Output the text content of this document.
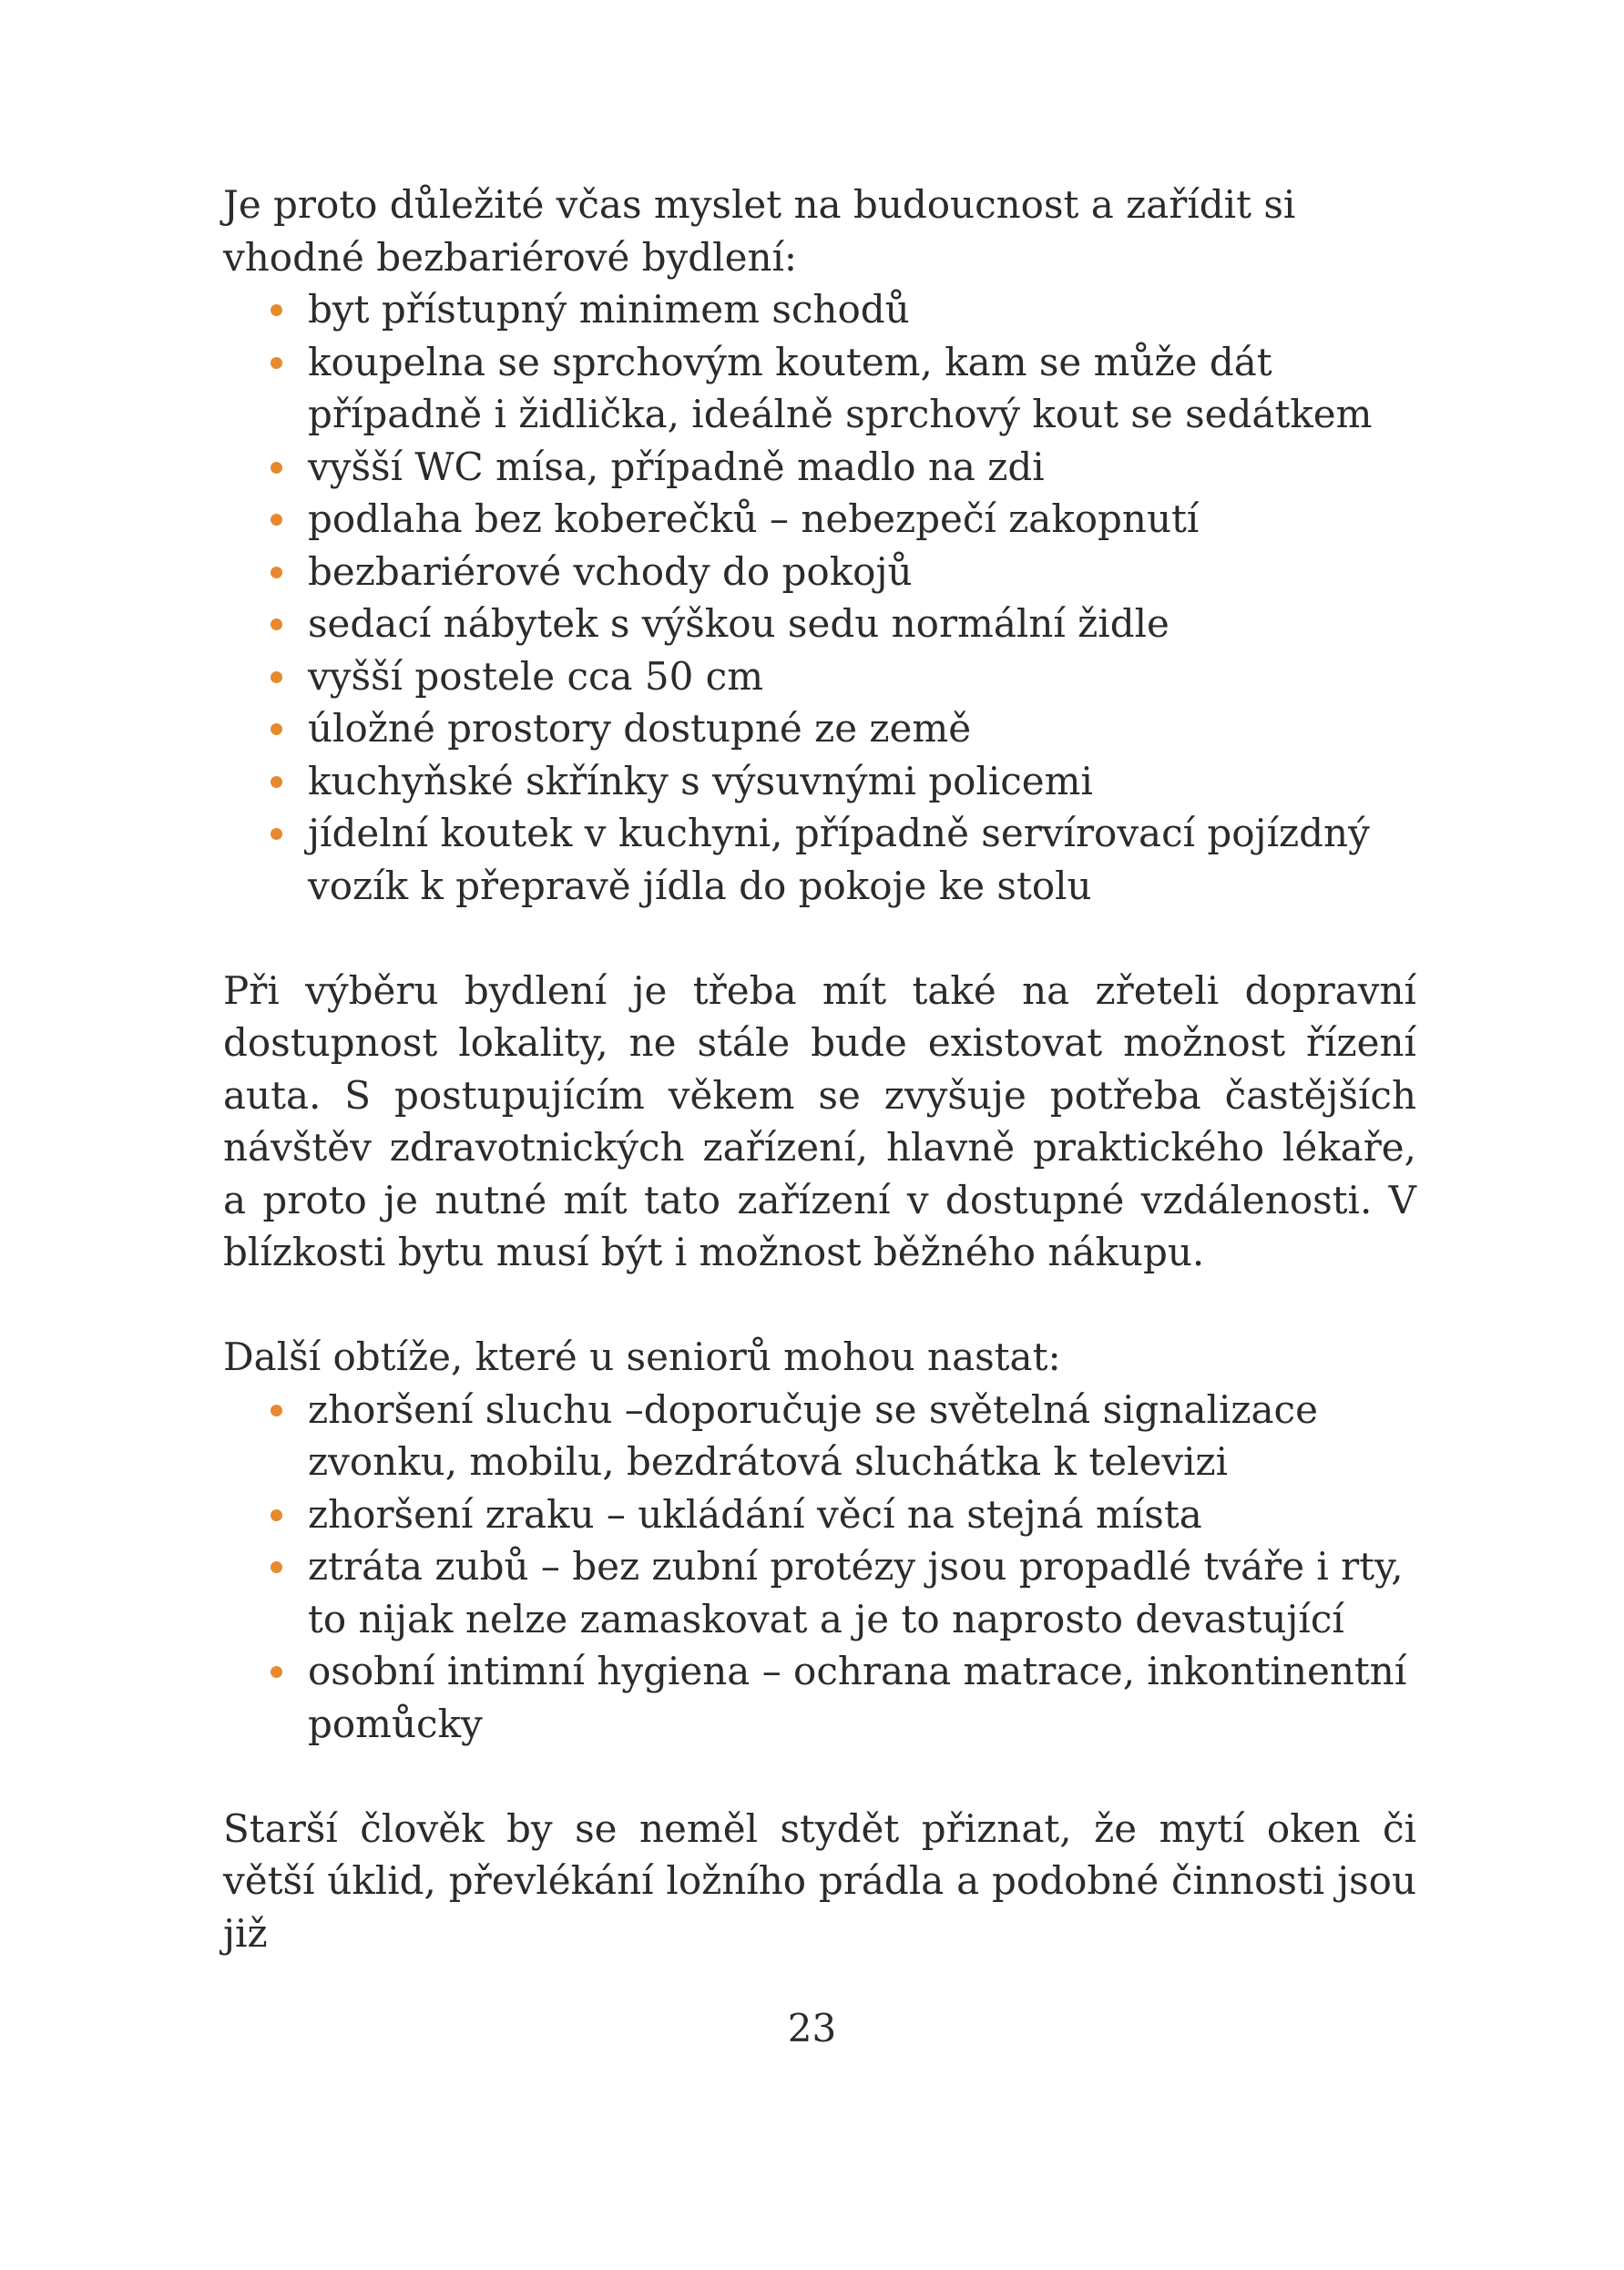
Je proto důležité včas myslet na budoucnost a zařídit si vhodné bezbariérové bydlení:

byt přístupný minimem schodů
koupelna se sprchovým koutem, kam se může dát případně i židlička, ideálně sprchový kout se sedátkem
vyšší WC mísa, případně madlo na zdi
podlaha bez koberečků – nebezpečí zakopnutí
bezbariérové vchody do pokojů
sedací nábytek s výškou sedu normální židle
vyšší postele cca 50 cm
úložné prostory dostupné ze země
kuchyňské skřínky s výsuvnými policemi
jídelní koutek v kuchyni, případně servírovací pojízdný vozík k přepravě jídla do pokoje ke stolu

Při výběru bydlení je třeba mít také na zřeteli dopravní dostupnost lokality, ne stále bude existovat možnost řízení auta. S postupujícím věkem se zvyšuje potřeba častějších návštěv zdravotnických zařízení, hlavně praktického lékaře, a proto je nutné mít tato zařízení v dostupné vzdálenosti. V blízkosti bytu musí být i možnost běžného nákupu.

Další obtíže, které u seniorů mohou nastat:

zhoršení sluchu –doporučuje se světelná signalizace zvonku, mobilu, bezdrátová sluchátka k televizi
zhoršení zraku – ukládání věcí na stejná místa
ztráta zubů – bez zubní protézy jsou propadlé tváře i rty, to nijak nelze zamaskovat a je to naprosto devastující
osobní intimní hygiena – ochrana matrace, inkontinentní pomůcky

Starší člověk by se neměl stydět přiznat, že mytí oken či větší úklid, převlékání ložního prádla a podobné činnosti jsou již

23
